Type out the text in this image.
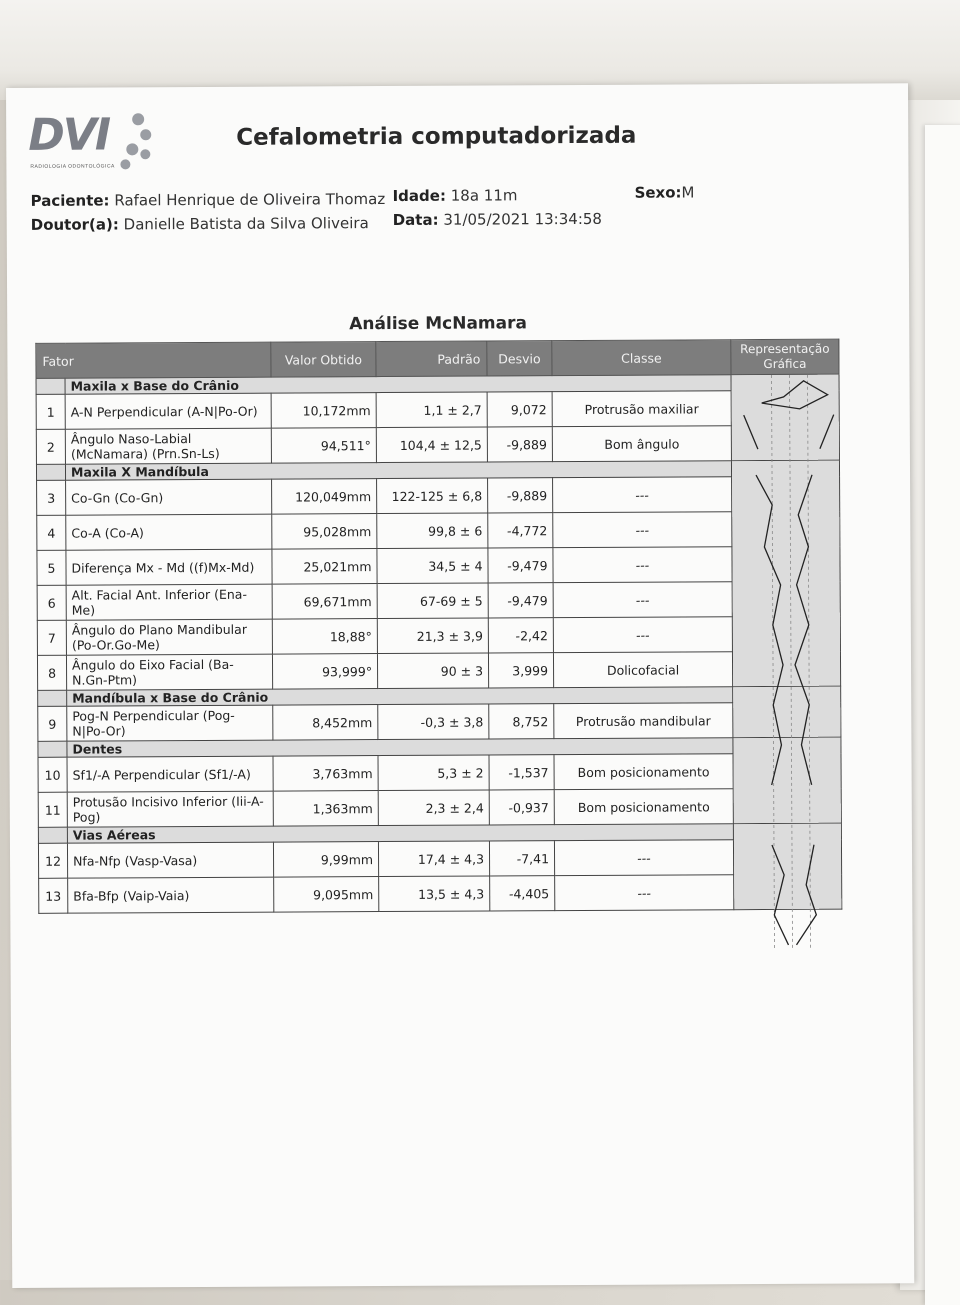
DVI
RADIOLOGIA ODONTOLÓGICA
Cefalometria computadorizada
Paciente: Rafael Henrique de Oliveira Thomaz Idade: 18a 11m	Sexo:M
Doutor(a): Danielle Batista da Silva Oliveira Data: 31/05/2021 13:34:58
Análise McNamara
Fator		Valor Obtido	Padrão	Desvio	Classe	Representação Gráfica
	Maxila x Base do Crânio					
1	A-N Perpendicular (A-N|Po-Or)	10,172mm	1,1 ± 2,7	9,072	Protrusão maxiliar	
2	Ângulo Naso-Labial (McNamara) (Prn.Sn-Ls)	94,511°	104,4 ± 12,5	-9,889	Bom ângulo	
	Maxila X Mandíbula					
3	Co-Gn (Co-Gn)	120,049mm	122-125 ± 6,8	-9,889	---	
4	Co-A (Co-A)	95,028mm	99,8 ± 6	-4,772	---	
5	Diferença Mx - Md ((f)Mx-Md)	25,021mm	34,5 ± 4	-9,479	---	
6	Alt. Facial Ant. Inferior (Ena-Me)	69,671mm	67-69 ± 5	-9,479	---	
7	Ângulo do Plano Mandibular (Po-Or.Go-Me)	18,88°	21,3 ± 3,9	-2,42	---	
8	Ângulo do Eixo Facial (Ba-N.Gn-Ptm)	93,999°	90 ± 3	3,999	Dolicofacial	
	Mandíbula x Base do Crânio					
9	Pog-N Perpendicular (Pog-N|Po-Or)	8,452mm	-0,3 ± 3,8	8,752	Protrusão mandibular	
	Dentes					
10	Sf1/-A Perpendicular (Sf1/-A)	3,763mm	5,3 ± 2	-1,537	Bom posicionamento	
11	Protusão Incisivo Inferior (Iii-A-Pog)	1,363mm	2,3 ± 2,4	-0,937	Bom posicionamento	
	Vias Aéreas					
12	Nfa-Nfp (Vasp-Vasa)	9,99mm	17,4 ± 4,3	-7,41	---	
13	Bfa-Bfp (Vaip-Vaia)	9,095mm	13,5 ± 4,3	-4,405	---	
